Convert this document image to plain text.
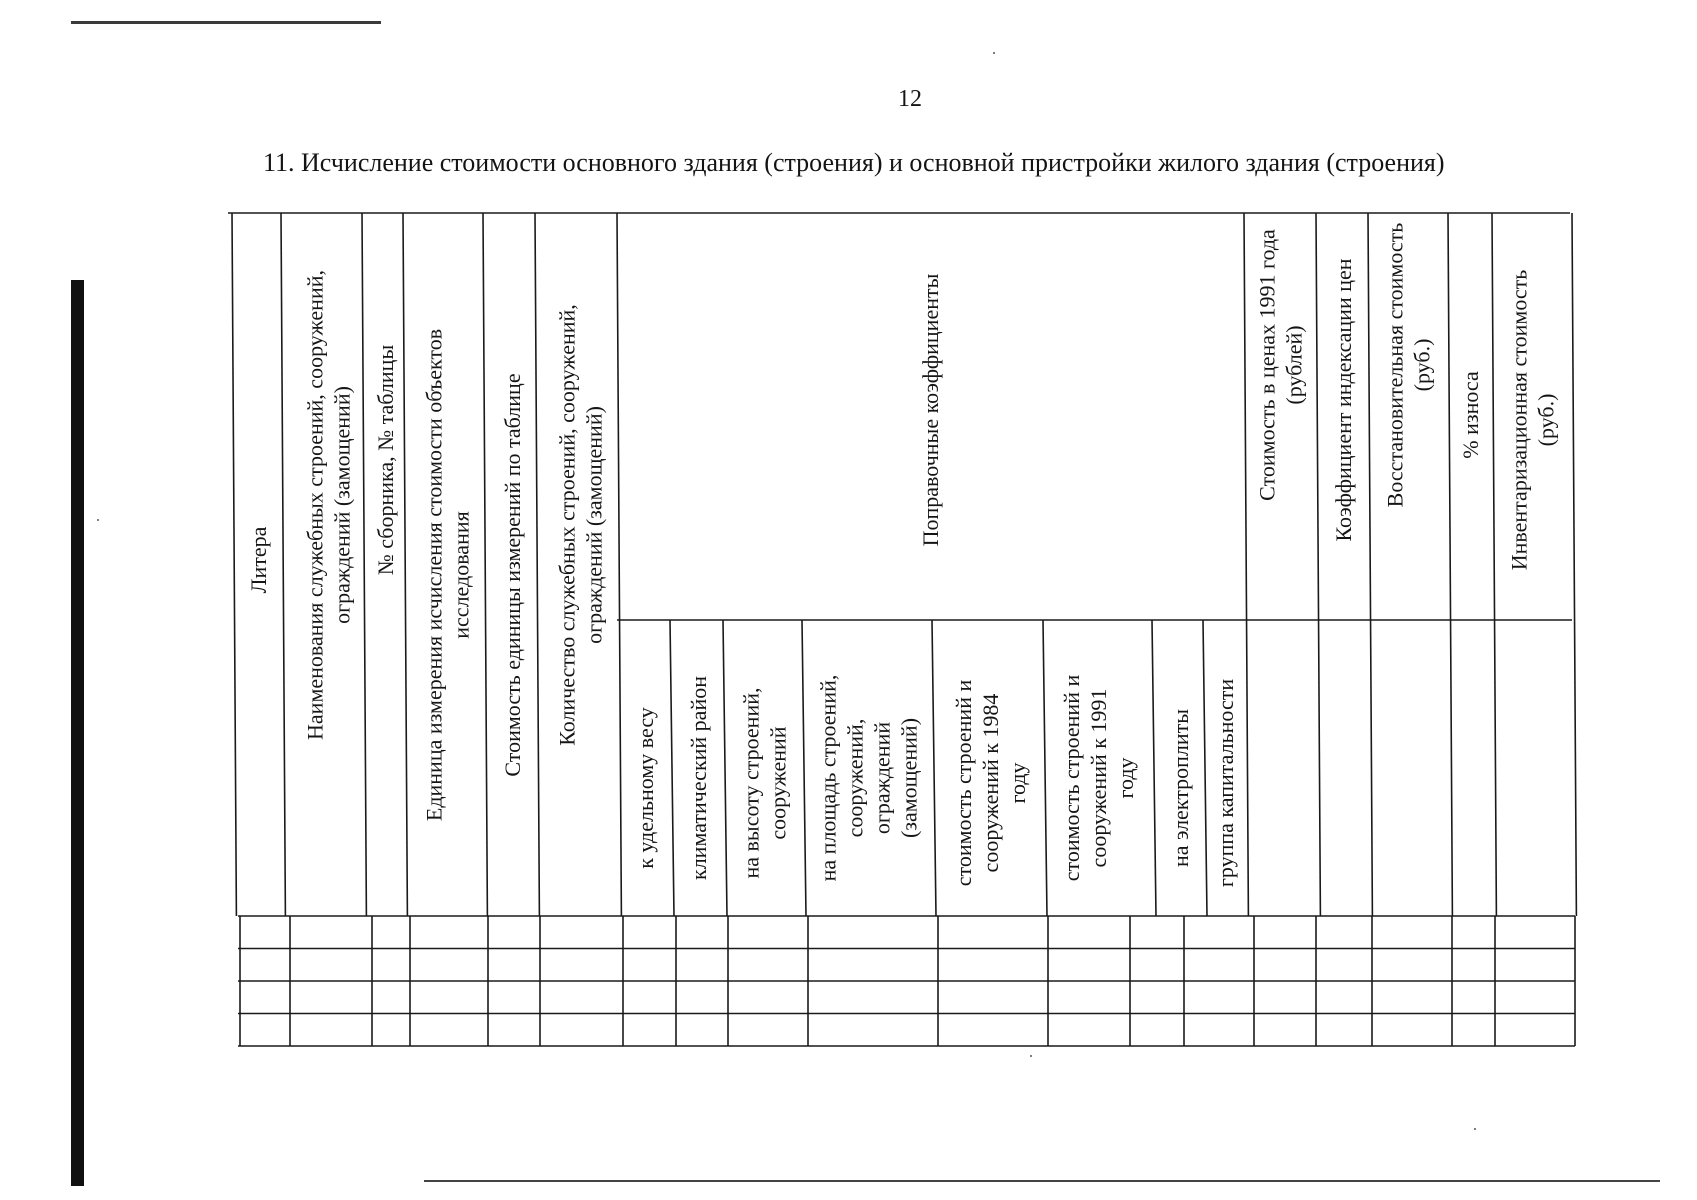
12
11. Исчисление стоимости основного здания (строения) и основной пристройки жилого здания (строения)
Литера Наименования служебных строений, сооружений, ограждений (замощений) № сборника, № таблицы Единица измерения исчисления стоимости объектов исследования Стоимость единицы измерений по таблице Количество служебных строений, сооружений, ограждений (замощений)	Поправочные коэффициенты	Стоимость в ценах 1991 года (рублей) Коэффициент индексации цен Восстановительная стоимость (руб.)
% износа Инвентаризационная стоимость (руб.)
к удельному весу климатический район на высоту строений, сооружений на площадь строений, сооружений, ограждений (замощений) стоимость строений и сооружений к 1984 году стоимость строений и сооружений к 1991 году на электроплиты группа капитальности
